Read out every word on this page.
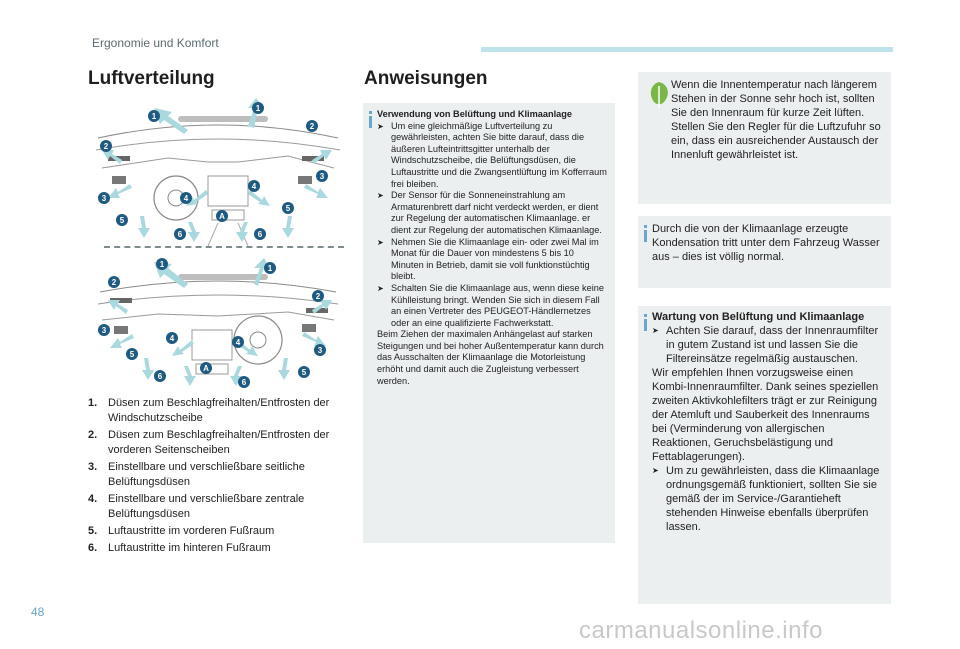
Ergonomie und Komfort
Luftverteilung
1
1
2
2
3
3
4
4
5
5
6	6
A
1	1
2
2
3
3
4	4
5
5
6
6
A
1. Düsen zum Beschlagfreihalten/Entfrosten der Windschutzscheibe
2. Düsen zum Beschlagfreihalten/Entfrosten der vorderen Seitenscheiben
3. Einstellbare und verschließbare seitliche Belüftungsdüsen
4. Einstellbare und verschließbare zentrale Belüftungsdüsen
5. Luftaustritte im vorderen Fußraum
6. Luftaustritte im hinteren Fußraum
Anweisungen
Verwendung von Belüftung und Klimaanlage
➤ Um eine gleichmäßige Luftverteilung zu gewährleisten, achten Sie bitte darauf, dass die äußeren Lufteintrittsgitter unterhalb der Windschutzscheibe, die Belüftungsdüsen, die Luftaustritte und die Zwangsentlüftung im Kofferraum frei bleiben.
➤ Der Sensor für die Sonneneinstrahlung am Armaturenbrett darf nicht verdeckt werden, er dient zur Regelung der automatischen Klimaanlage. er dient zur Regelung der automatischen Klimaanlage.
➤ Nehmen Sie die Klimaanlage ein- oder zwei Mal im Monat für die Dauer von mindestens 5 bis 10 Minuten in Betrieb, damit sie voll funktionstüchtig bleibt.
➤ Schalten Sie die Klimaanlage aus, wenn diese keine Kühlleistung bringt. Wenden Sie sich in diesem Fall an einen Vertreter des PEUGEOT-Händlernetzes oder an eine qualifizierte Fachwerkstatt.
Beim Ziehen der maximalen Anhängelast auf starken Steigungen und bei hoher Außentemperatur kann durch das Ausschalten der Klimaanlage die Motorleistung erhöht und damit auch die Zugleistung verbessert werden.
Wenn die Innentemperatur nach längerem Stehen in der Sonne sehr hoch ist, sollten Sie den Innenraum für kurze Zeit lüften.
Stellen Sie den Regler für die Luftzufuhr so ein, dass ein ausreichender Austausch der Innenluft gewährleistet ist.
Durch die von der Klimaanlage erzeugte Kondensation tritt unter dem Fahrzeug Wasser aus – dies ist völlig normal.
Wartung von Belüftung und Klimaanlage
➤ Achten Sie darauf, dass der Innenraumfilter in gutem Zustand ist und lassen Sie die Filtereinsätze regelmäßig austauschen.
Wir empfehlen Ihnen vorzugsweise einen Kombi-Innenraumfilter. Dank seines speziellen zweiten Aktivkohlefilters trägt er zur Reinigung der Atemluft und Sauberkeit des Innenraums bei (Verminderung von allergischen Reaktionen, Geruchsbelästigung und Fettablagerungen).
➤ Um zu gewährleisten, dass die Klimaanlage ordnungsgemäß funktioniert, sollten Sie sie gemäß der im Service-/Garantieheft stehenden Hinweise ebenfalls überprüfen lassen.
48
carmanualsonline.info
